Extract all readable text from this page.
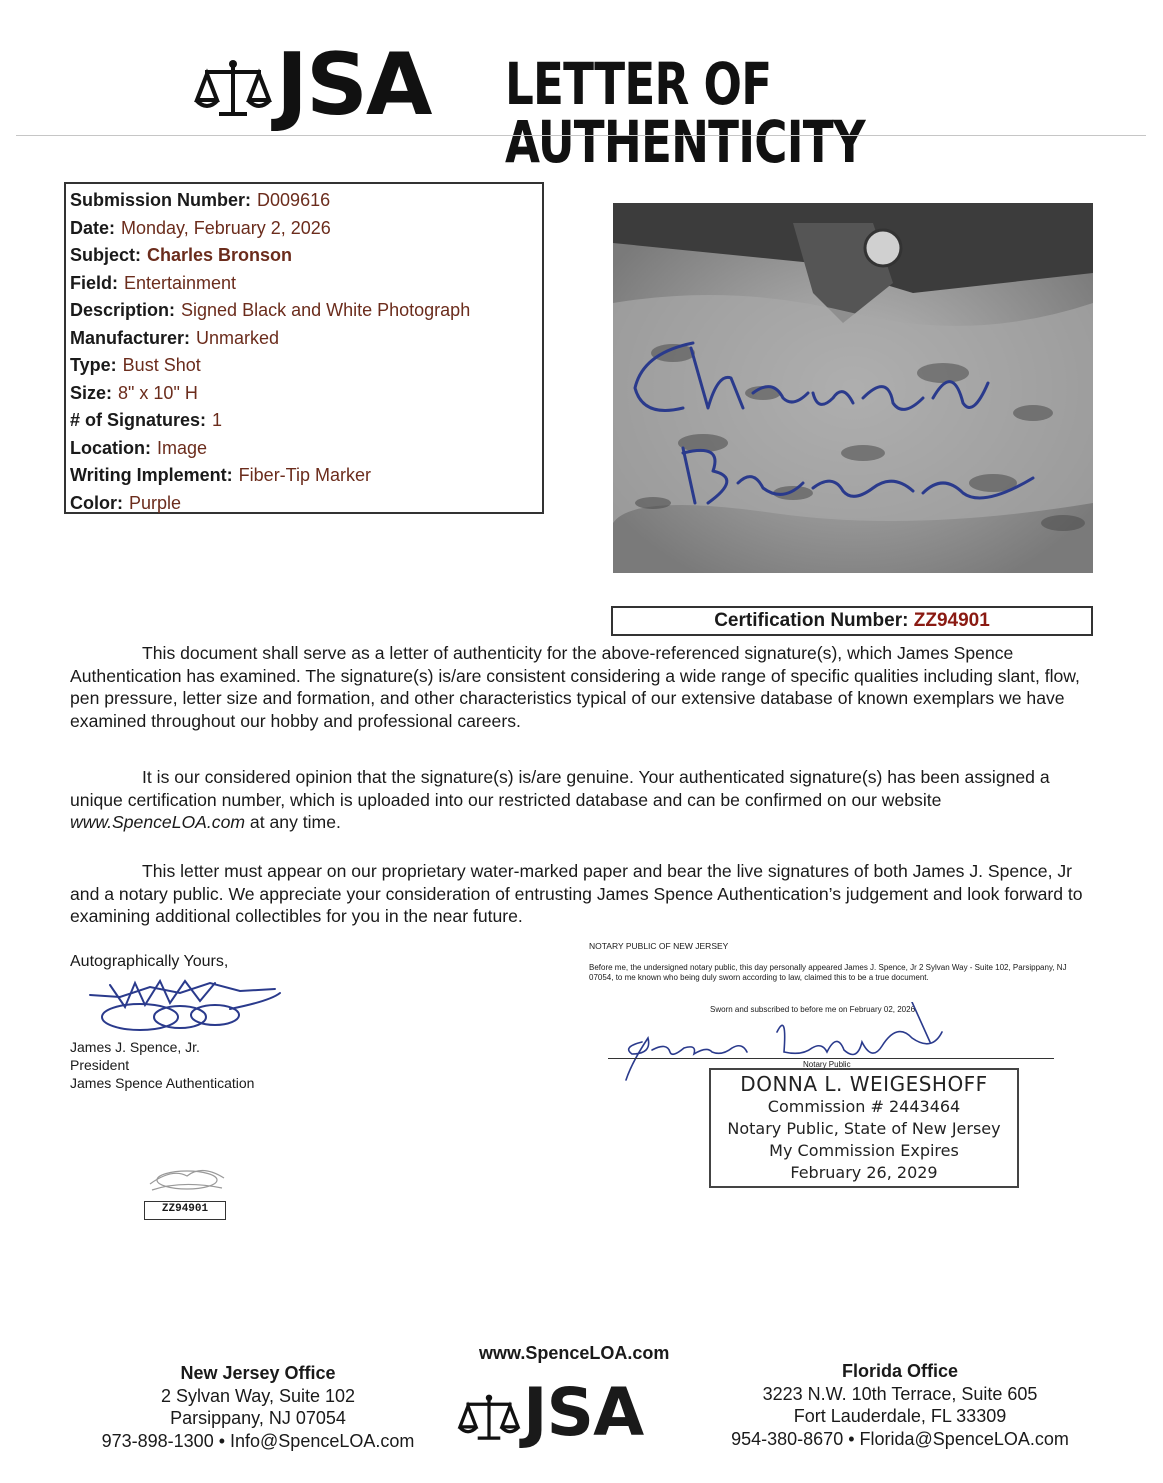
JSA LETTER OF AUTHENTICITY
Submission Number: D009616
Date: Monday, February 2, 2026
Subject: Charles Bronson
Field: Entertainment
Description: Signed Black and White Photograph
Manufacturer: Unmarked
Type: Bust Shot
Size: 8" x 10" H
# of Signatures: 1
Location: Image
Writing Implement: Fiber-Tip Marker
Color: Purple
Certification Number: ZZ94901
This document shall serve as a letter of authenticity for the above-referenced signature(s), which James Spence Authentication has examined. The signature(s) is/are consistent considering a wide range of specific qualities including slant, flow, pen pressure, letter size and formation, and other characteristics typical of our extensive database of known exemplars we have examined throughout our hobby and professional careers.
It is our considered opinion that the signature(s) is/are genuine. Your authenticated signature(s) has been assigned a unique certification number, which is uploaded into our restricted database and can be confirmed on our website www.SpenceLOA.com at any time.
This letter must appear on our proprietary water-marked paper and bear the live signatures of both James J. Spence, Jr and a notary public. We appreciate your consideration of entrusting James Spence Authentication’s judgement and look forward to examining additional collectibles for you in the near future.
Autographically Yours,
James J. Spence, Jr.
President
James Spence Authentication
ZZ94901
NOTARY PUBLIC OF NEW JERSEY
Before me, the undersigned notary public, this day personally appeared James J. Spence, Jr 2 Sylvan Way - Suite 102, Parsippany, NJ 07054, to me known who being duly sworn according to law, claimed this to be a true document.
Sworn and subscribed to before me on February 02, 2026
Notary Public
DONNA L. WEIGESHOFF
Commission # 2443464
Notary Public, State of New Jersey
My Commission Expires
February 26, 2029
www.SpenceLOA.com
JSA
New Jersey Office
2 Sylvan Way, Suite 102
Parsippany, NJ 07054
973-898-1300 • Info@SpenceLOA.com
Florida Office
3223 N.W. 10th Terrace, Suite 605
Fort Lauderdale, FL 33309
954-380-8670 • Florida@SpenceLOA.com
